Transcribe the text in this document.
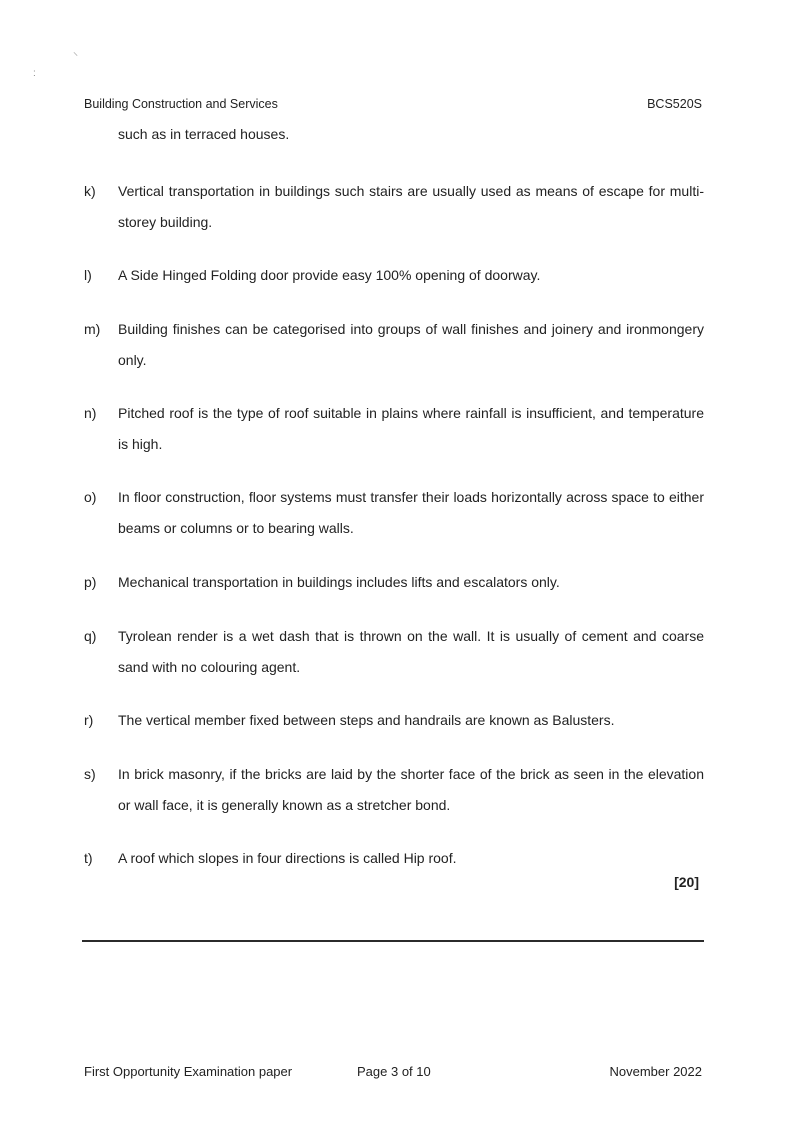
⸜
:
Building Construction and Services	BCS520S
such as in terraced houses.
k)	Vertical transportation in buildings such stairs are usually used as means of escape for multi-storey building.
l)	A Side Hinged Folding door provide easy 100% opening of doorway.
m)	Building finishes can be categorised into groups of wall finishes and joinery and ironmongery only.
n)	Pitched roof is the type of roof suitable in plains where rainfall is insufficient, and temperature is high.
o)	In floor construction, floor systems must transfer their loads horizontally across space to either beams or columns or to bearing walls.
p)	Mechanical transportation in buildings includes lifts and escalators only.
q)	Tyrolean render is a wet dash that is thrown on the wall. It is usually of cement and coarse sand with no colouring agent.
r)	The vertical member fixed between steps and handrails are known as Balusters.
s)	In brick masonry, if the bricks are laid by the shorter face of the brick as seen in the elevation or wall face, it is generally known as a stretcher bond.
t)	A roof which slopes in four directions is called Hip roof.
[20]
First Opportunity Examination paper	Page 3 of 10	November 2022
